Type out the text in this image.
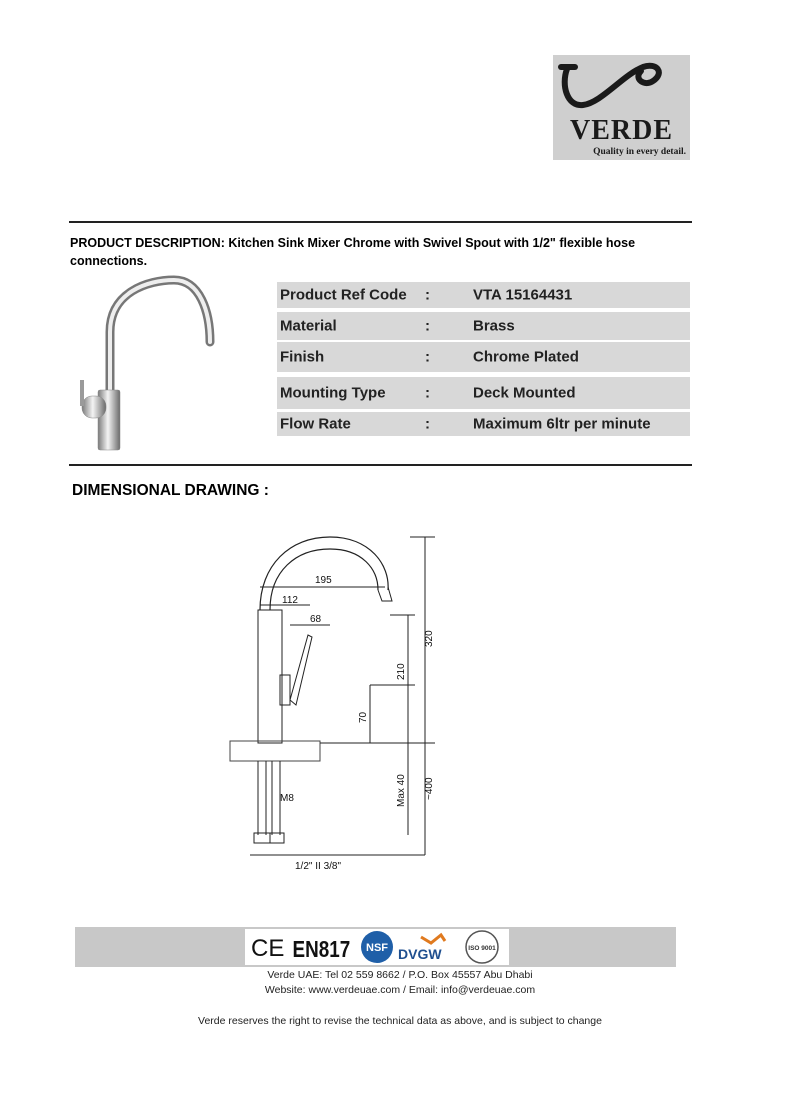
VERDE
Quality in every detail.
PRODUCT DESCRIPTION: Kitchen Sink Mixer Chrome with Swivel Spout with 1/2" flexible hose connections.
Product Ref Code :	VTA 15164431
Material	:	Brass
Finish	:	Chrome Plated
Mounting Type	:	Deck Mounted
Flow Rate	:	Maximum 6ltr per minute
DIMENSIONAL DRAWING :
195
112
68
320
210
70
Max 40 ~400
M8
1/2" II 3/8"
CE EN817 NSF DVGW	ISO 9001
Verde UAE: Tel 02 559 8662 / P.O. Box 45557 Abu Dhabi
Website: www.verdeuae.com / Email: info@verdeuae.com
Verde reserves the right to revise the technical data as above, and is subject to change
